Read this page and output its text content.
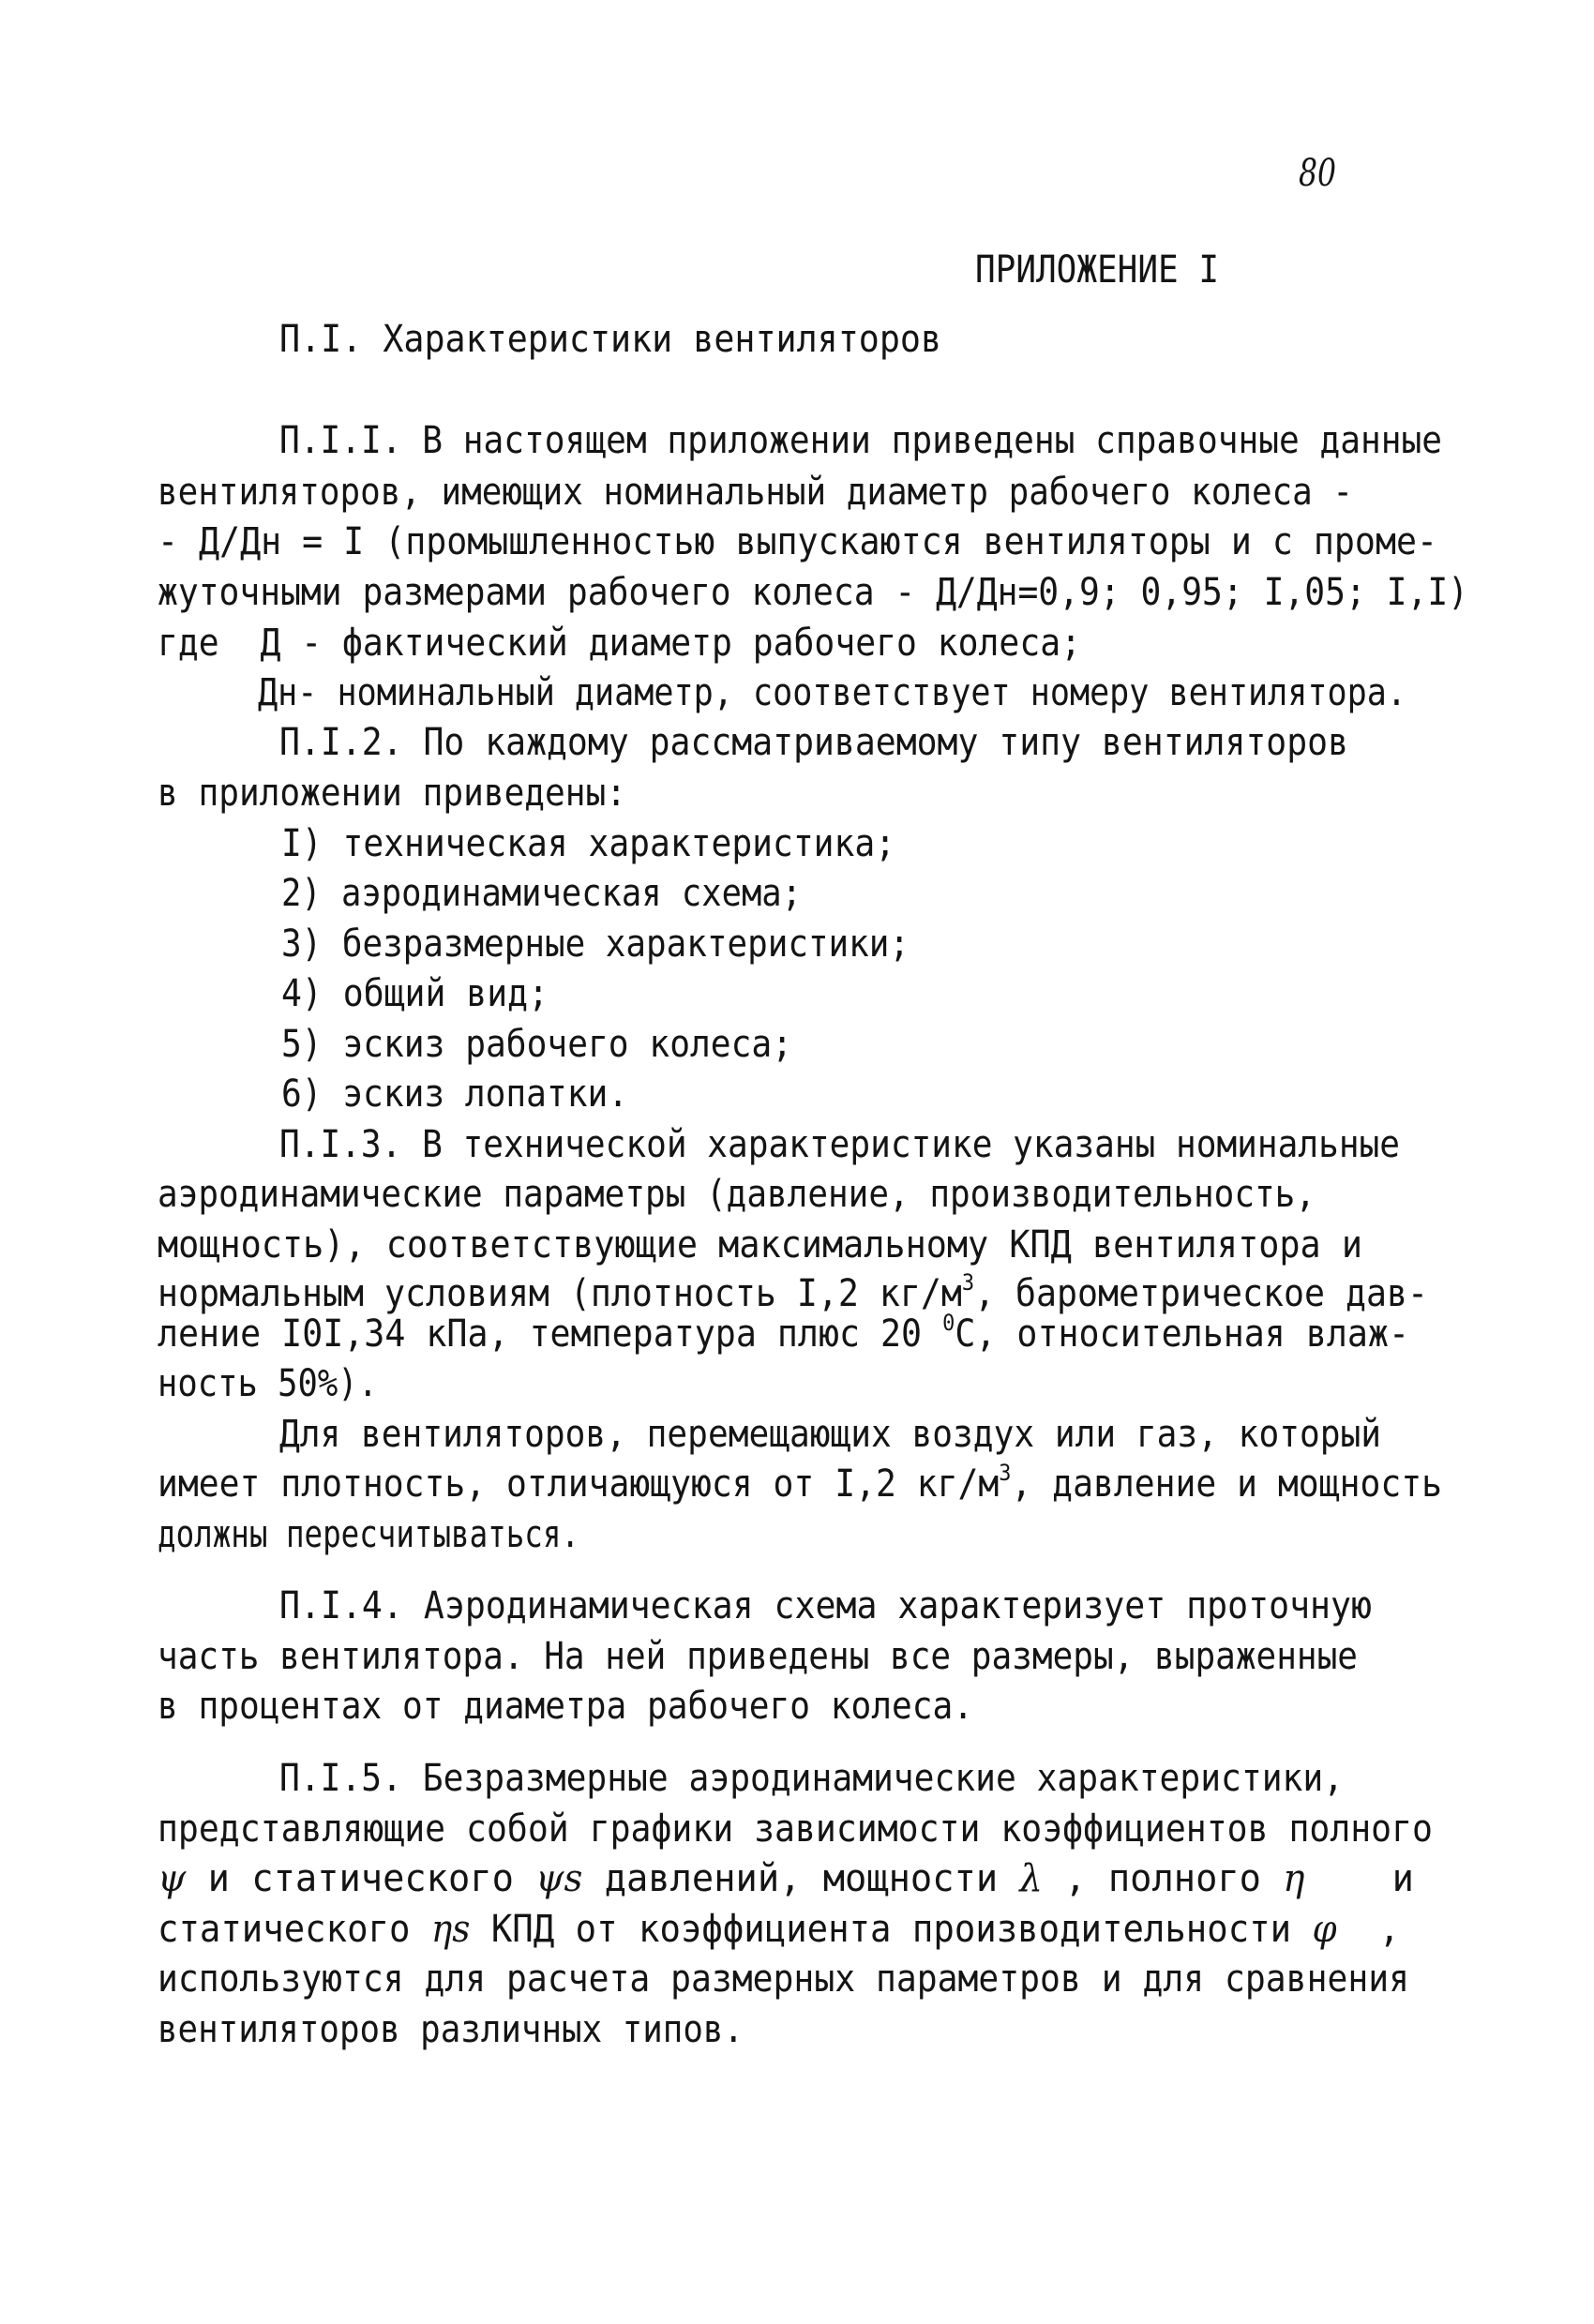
80
ПРИЛОЖЕНИЕ I
П.I. Характеристики вентиляторов
П.I.I. В настоящем приложении приведены справочные данные
вентиляторов, имеющих номинальный диаметр рабочего колеса -
- Д/Дн = I (промышленностью выпускаются вентиляторы и с проме-
жуточными размерами рабочего колеса - Д/Дн=0,9; 0,95; I,05; I,I)
где  Д - фактический диаметр рабочего колеса;
Дн- номинальный диаметр, соответствует номеру вентилятора.
П.I.2. По каждому рассматриваемому типу вентиляторов
в приложении приведены:
I) техническая характеристика;
2) аэродинамическая схема;
3) безразмерные характеристики;
4) общий вид;
5) эскиз рабочего колеса;
6) эскиз лопатки.
П.I.3. В технической характеристике указаны номинальные
аэродинамические параметры (давление, производительность,
мощность), соответствующие максимальному КПД вентилятора и
нормальным условиям (плотность I,2 $кг/м^3$, барометрическое дав-
ление I0I,34 кПа, температура плюс 20 $^0$С, относительная влаж-
ность 50%).
Для вентиляторов, перемещающих воздух или газ, который
имеет плотность, отличающуюся от I,2 $кг/м^3$, давление и мощность
должны пересчитываться.
П.I.4. Аэродинамическая схема характеризует проточную
часть вентилятора. На ней приведены все размеры, выраженные
в процентах от диаметра рабочего колеса.
П.I.5. Безразмерные аэродинамические характеристики,
представляющие собой графики зависимости коэффициентов полного
ψ и статического ψs давлений, мощности λ , полного η    и
статического ηs КПД от коэффициента производительности φ  ,
используются для расчета размерных параметров и для сравнения
вентиляторов различных типов.
